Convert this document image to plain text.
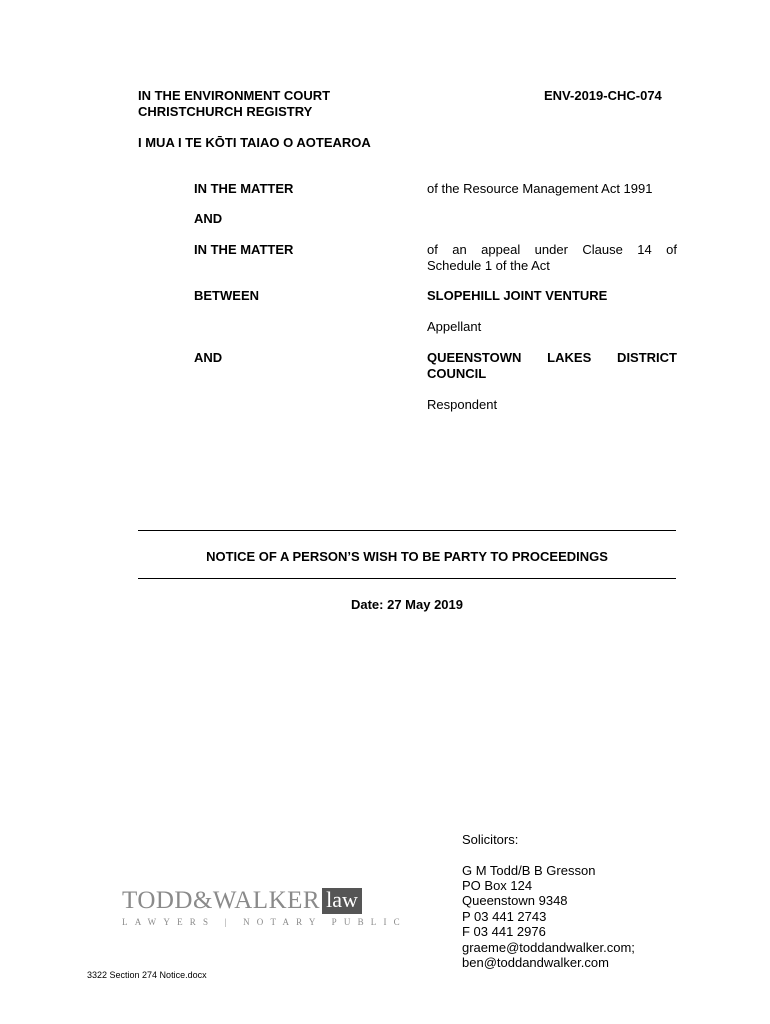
IN THE ENVIRONMENT COURT
CHRISTCHURCH REGISTRY
ENV-2019-CHC-074
I MUA I TE KŌTI TAIAO O AOTEAROA
IN THE MATTER	of the Resource Management Act 1991
AND
IN THE MATTER	of an appeal under Clause 14 of
Schedule 1 of the Act
BETWEEN	SLOPEHILL JOINT VENTURE
Appellant
AND	QUEENSTOWN LAKES DISTRICT
COUNCIL
Respondent
NOTICE OF A PERSON’S WISH TO BE PARTY TO PROCEEDINGS
Date: 27 May 2019
TODD&WALKER law
LAWYERS | NOTARY PUBLIC
Solicitors:
G M Todd/B B Gresson
PO Box 124
Queenstown 9348
P 03 441 2743
F 03 441 2976
graeme@toddandwalker.com;
ben@toddandwalker.com
3322 Section 274 Notice.docx
